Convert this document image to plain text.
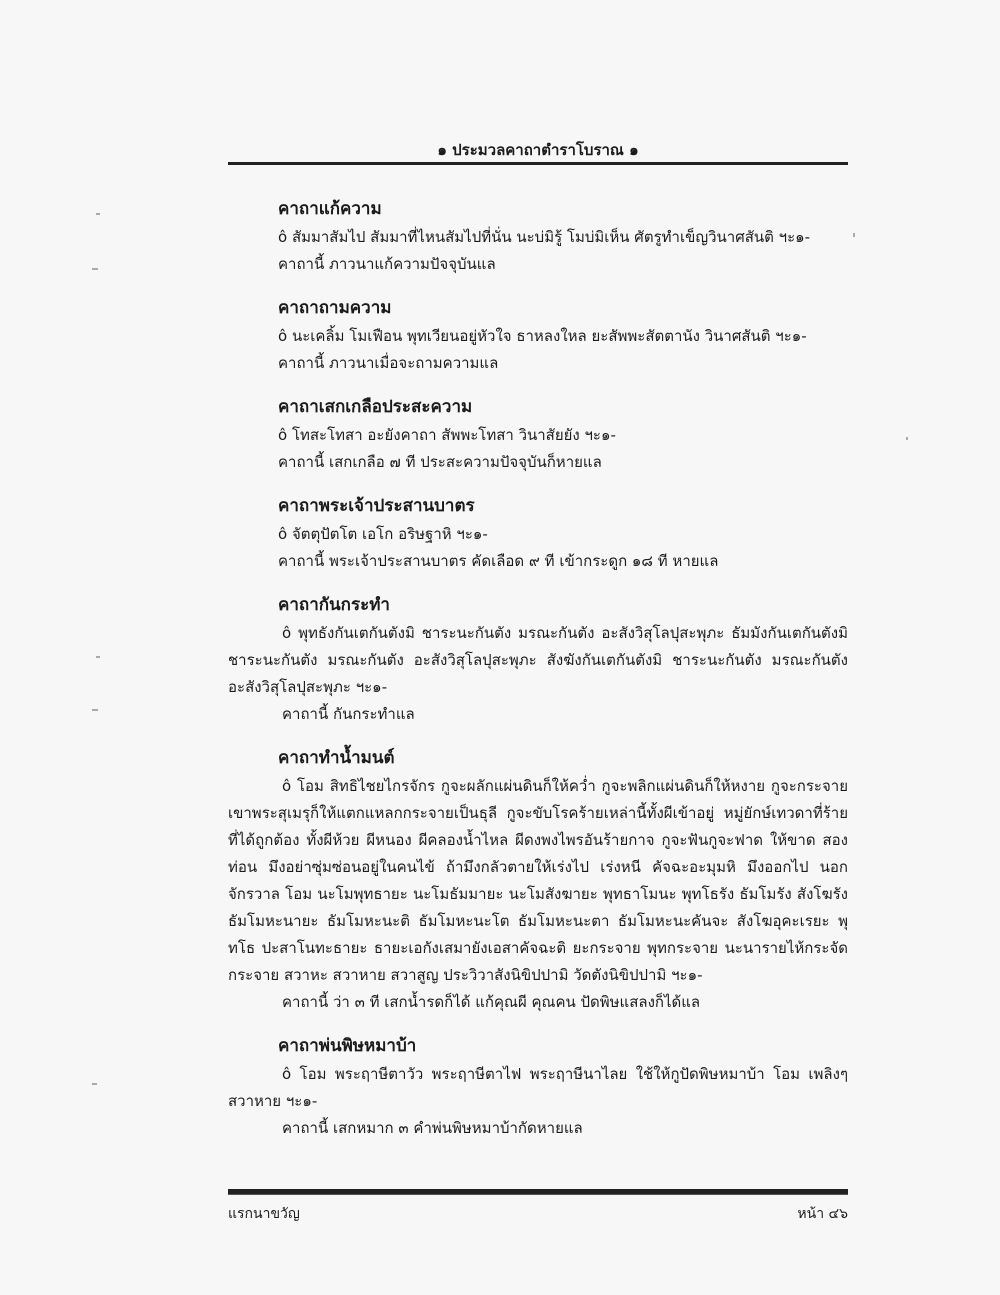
๑ ประมวลคาถาตำราโบราณ ๑
คาถาแก้ความ
ô สัมมาสัมไป สัมมาที่ไหนสัมไปที่นั่น นะบ่มิรู้ โมบ่มิเห็น ศัตรูทำเข็ญวินาศสันติ ฯะ๑-
คาถานี้ ภาวนาแก้ความปัจจุบันแล
คาถาถามความ
ô นะเคลิ้ม โมเฟือน พุทเวียนอยู่หัวใจ ธาหลงใหล ยะสัพพะสัตตานัง วินาศสันติ ฯะ๑-
คาถานี้ ภาวนาเมื่อจะถามความแล
คาถาเสกเกลือประสะความ
ô โทสะโทสา อะยังคาถา สัพพะโทสา วินาสัยยัง ฯะ๑-
คาถานี้ เสกเกลือ ๗ ที ประสะความปัจจุบันก็หายแล
คาถาพระเจ้าประสานบาตร
ô จัตตุปัตโต เอโก อริษฐาหิ ฯะ๑-
คาถานี้ พระเจ้าประสานบาตร คัดเลือด ๙ ที เข้ากระดูก ๑๘ ที หายแล
คาถากันกระทำ
ô พุทธังกันเตกันตังมิ ชาระนะกันตัง มรณะกันตัง อะสังวิสุโลปุสะพุภะ ธัมมังกันเตกันตังมิ ชาระนะกันตัง มรณะกันตัง อะสังวิสุโลปุสะพุภะ สังฆังกันเตกันตังมิ ชาระนะกันตัง มรณะกันตัง อะสังวิสุโลปุสะพุภะ ฯะ๑-
คาถานี้ กันกระทำแล
คาถาทำน้ำมนต์
ô โอม สิทธิไชยไกรจักร กูจะผลักแผ่นดินก็ให้คว่ำ กูจะพลิกแผ่นดินก็ให้หงาย กูจะกระจาย เขาพระสุเมรุก็ให้แตกแหลกกระจายเป็นธุลี กูจะขับโรคร้ายเหล่านี้ทั้งผีเข้าอยู่ หมู่ยักษ์เทวดาที่ร้าย ที่ได้ถูกต้อง ทั้งผีห้วย ผีหนอง ผีคลองน้ำไหล ผีดงพงไพรอันร้ายกาจ กูจะฟันกูจะฟาด ให้ขาด สองท่อน มึงอย่าซุ่มซ่อนอยู่ในคนไข้ ถ้ามึงกลัวตายให้เร่งไป เร่งหนี คัจฉะอะมุมหิ มึงออกไป นอกจักรวาล โอม นะโมพุทธายะ นะโมธัมมายะ นะโมสังฆายะ พุทธาโมนะ พุทโธรัง ธัมโมรัง สังโฆรัง ธัมโมหะนายะ ธัมโมหะนะติ ธัมโมหะนะโต ธัมโมหะนะตา ธัมโมหะนะคันจะ สังโฆอุคะเรยะ พุทโธ ปะสาโนทะธายะ ธายะเอกังเสมายังเอสาคัจฉะติ ยะกระจาย พุทกระจาย นะนารายไห้กระจัด กระจาย สวาหะ สวาหาย สวาสูญ ประวิวาสังนิขิปปามิ วัดตังนิขิปปามิ ฯะ๑-
คาถานี้ ว่า ๓ ที เสกน้ำรดก็ได้ แก้คุณผี คุณคน ปัดพิษแสลงก็ได้แล
คาถาพ่นพิษหมาบ้า
ô โอม พระฤาษีตาวัว พระฤาษีตาไฟ พระฤาษีนาไลย ใช้ให้กูปัดพิษหมาบ้า โอม เพลิงๆ สวาหาย ฯะ๑-
คาถานี้ เสกหมาก ๓ คำพ่นพิษหมาบ้ากัดหายแล
แรกนาขวัญ	หน้า ๔๖
